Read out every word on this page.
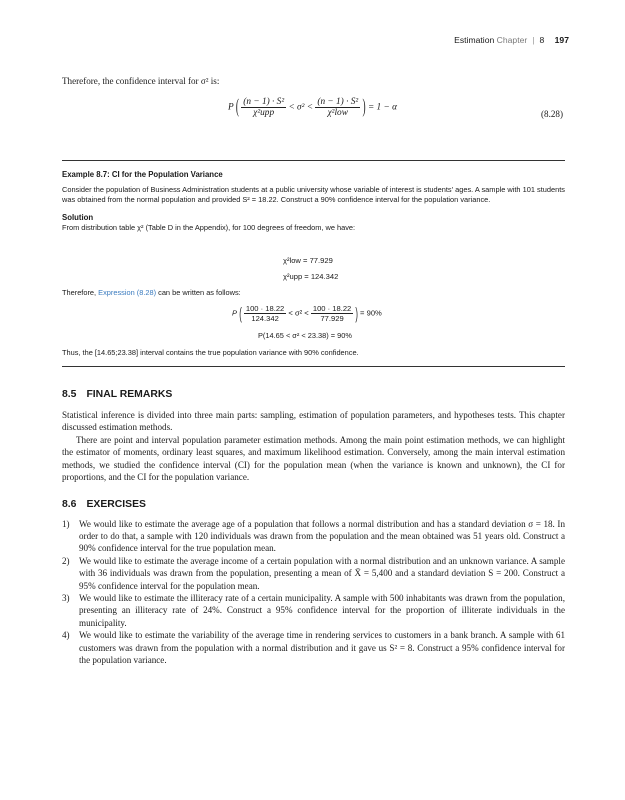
Estimation Chapter | 8 197
Therefore, the confidence interval for σ² is:
P ( $\frac{\text{(n − 1) · S²}}{\text{χ²upp}} < \sigma^2 < \frac{\text{(n − 1) · S²}}{\text{χ²low}}$ ) = 1 − α
(8.28)
Example 8.7: CI for the Population Variance
Consider the population of Business Administration students at a public university whose variable of interest is students' ages. A sample with 101 students was obtained from the normal population and provided S² = 18.22. Construct a 90% confidence interval for the population variance.
Solution
From distribution table χ² (Table D in the Appendix), for 100 degrees of freedom, we have:
χ²low = 77.929
χ²upp = 124.342
Therefore, Expression (8.28) can be written as follows:
P ( $\frac{100 \cdot 18.22}{124.342} < \sigma^2 < \frac{100 \cdot 18.22}{77.929}$ ) = 90%
P(14.65 < σ² < 23.38) = 90%
Thus, the [14.65;23.38] interval contains the true population variance with 90% confidence.
8.5 FINAL REMARKS
Statistical inference is divided into three main parts: sampling, estimation of population parameters, and hypotheses tests. This chapter discussed estimation methods.
There are point and interval population parameter estimation methods. Among the main point estimation methods, we can highlight the estimator of moments, ordinary least squares, and maximum likelihood estimation. Conversely, among the main interval estimation methods, we studied the confidence interval (CI) for the population mean (when the variance is known and unknown), the CI for proportions, and the CI for the population variance.
8.6 EXERCISES
1) We would like to estimate the average age of a population that follows a normal distribution and has a standard deviation σ = 18. In order to do that, a sample with 120 individuals was drawn from the population and the mean obtained was 51 years old. Construct a 90% confidence interval for the true population mean.
2) We would like to estimate the average income of a certain population with a normal distribution and an unknown variance. A sample with 36 individuals was drawn from the population, presenting a mean of X̄ = 5,400 and a standard deviation S = 200. Construct a 95% confidence interval for the population mean.
3) We would like to estimate the illiteracy rate of a certain municipality. A sample with 500 inhabitants was drawn from the population, presenting an illiteracy rate of 24%. Construct a 95% confidence interval for the proportion of illiterate individuals in the municipality.
4) We would like to estimate the variability of the average time in rendering services to customers in a bank branch. A sample with 61 customers was drawn from the population with a normal distribution and it gave us S² = 8. Construct a 95% confidence interval for the population variance.
